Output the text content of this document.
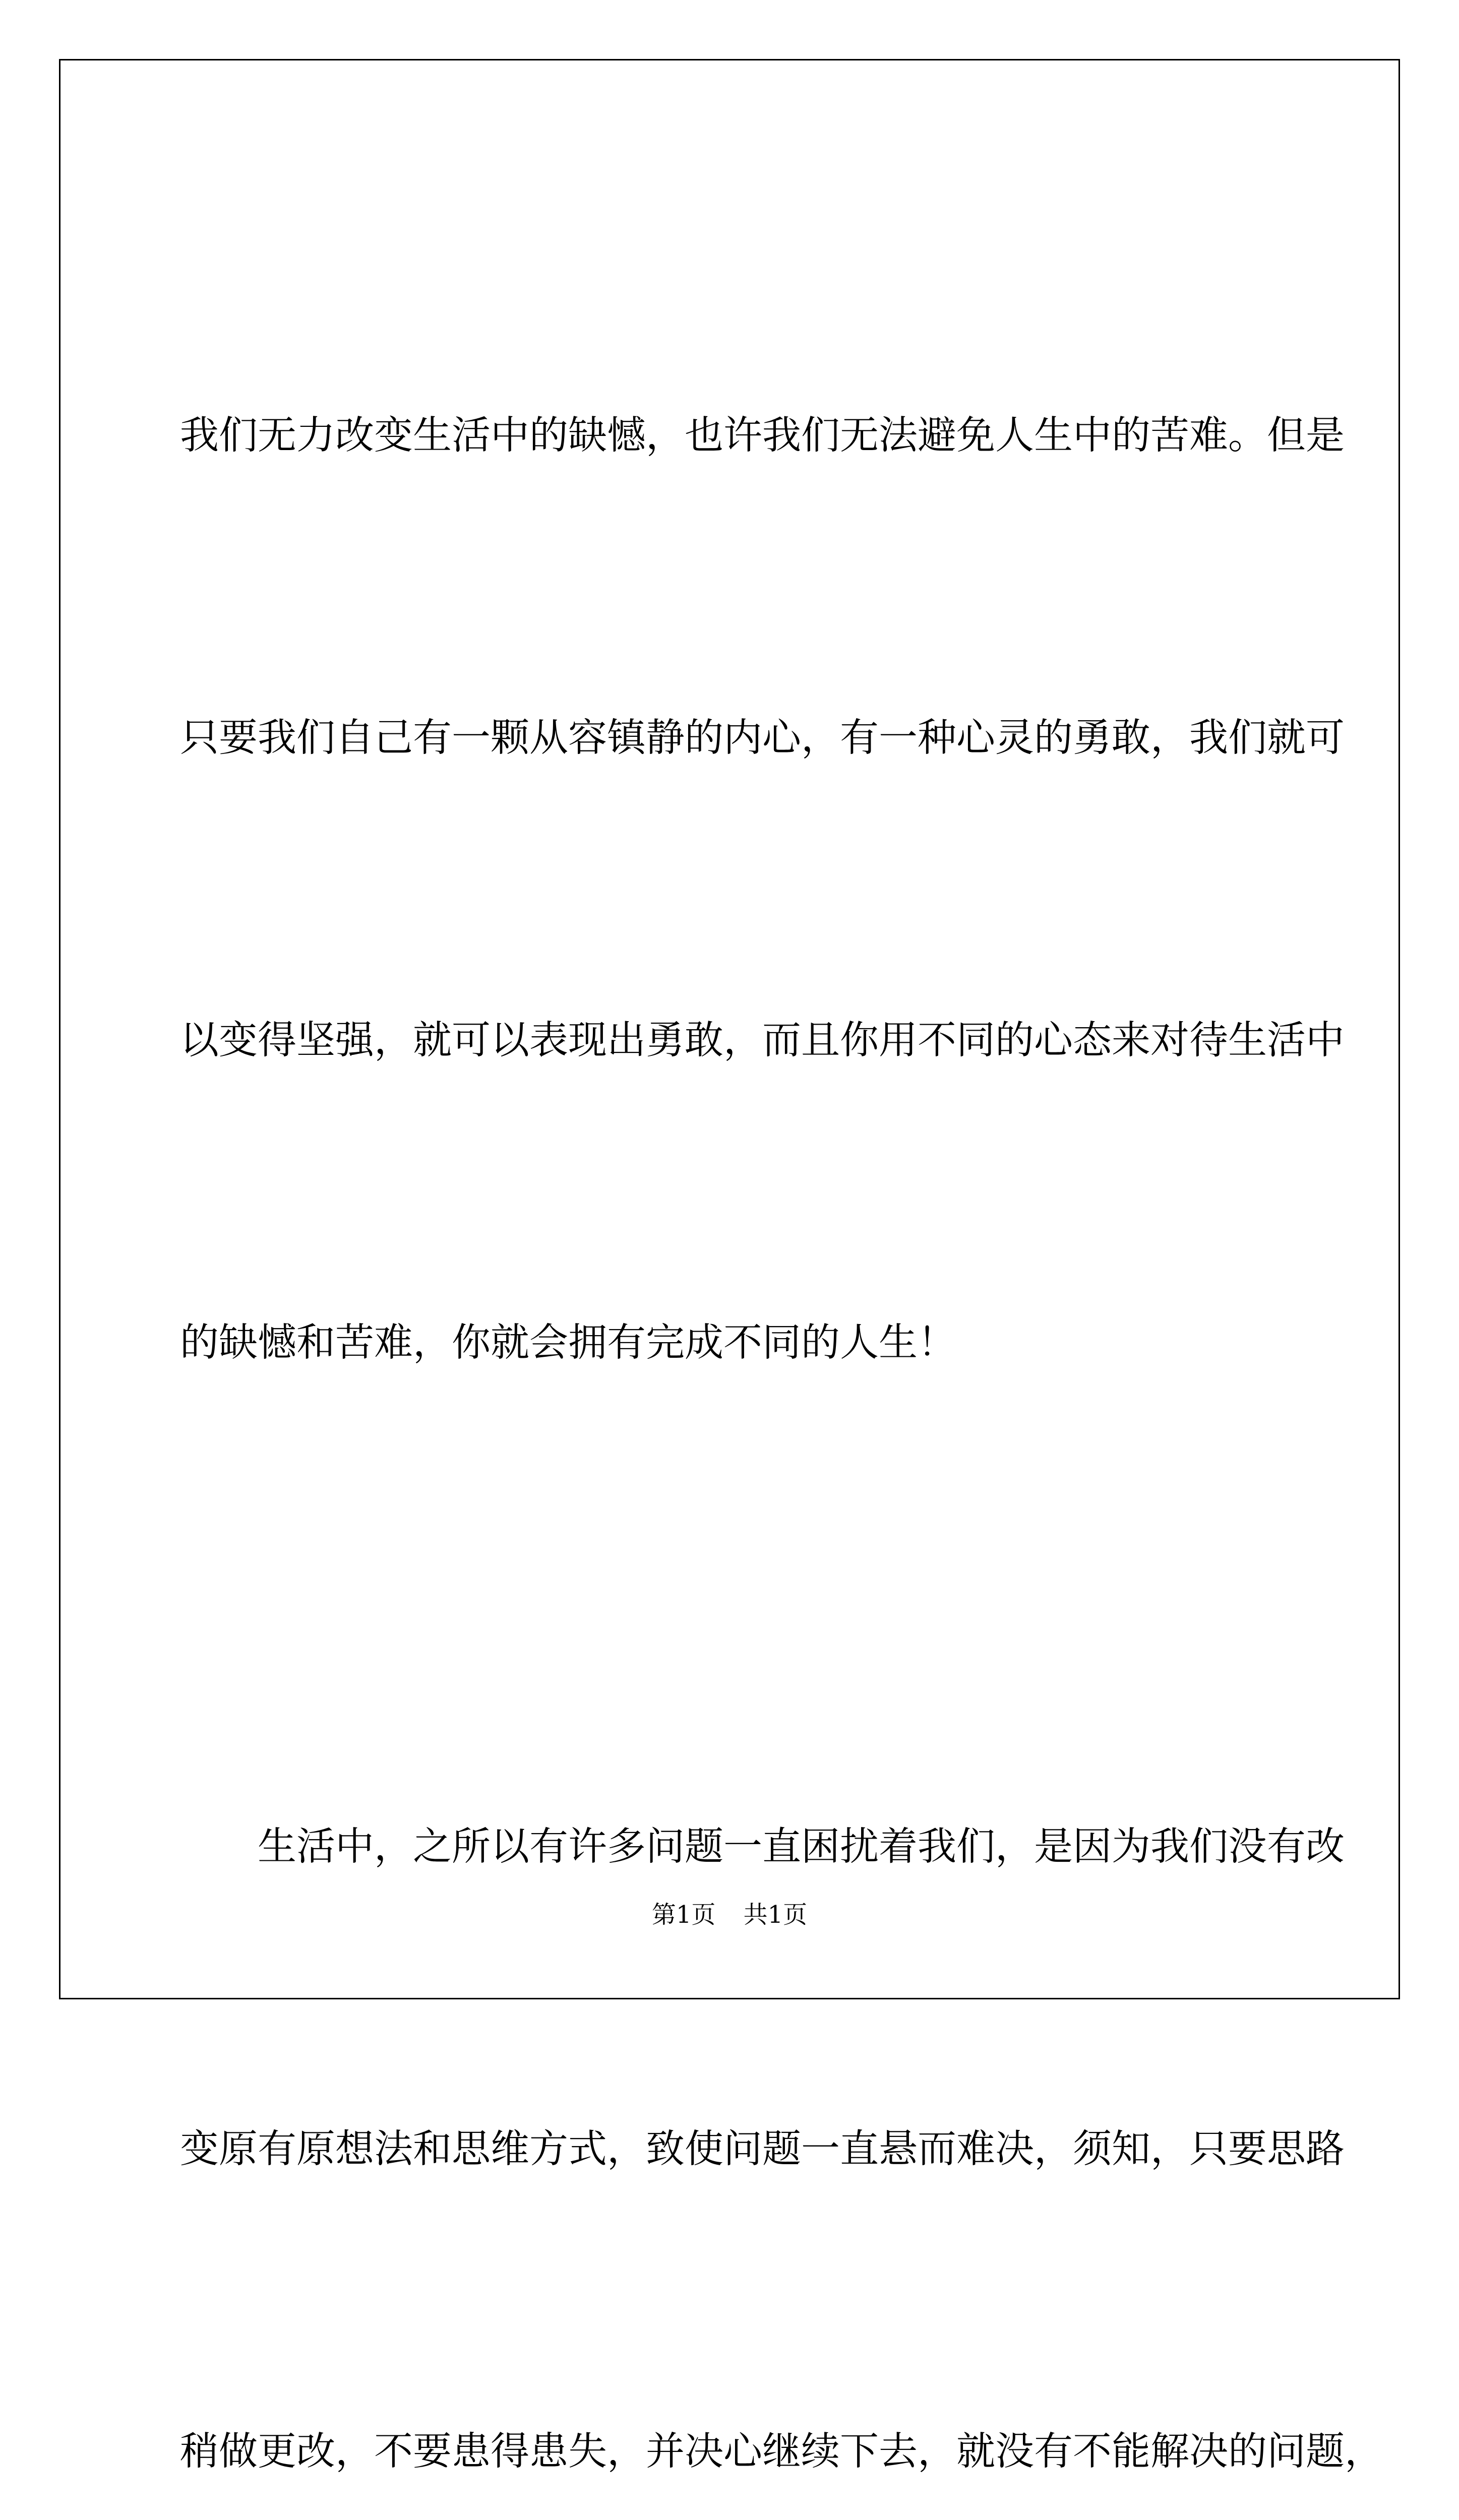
我们无力改变生活中的缺憾，也许我们无法避免人生中的苦难。但是

只要我们自己有一颗从容镇静的内心，有一种心灵的勇敢，我们就可

以变得坚强，就可以表现出勇敢，而且你用不同的心态来对待生活中

的缺憾和苦难，你就会拥有完成不同的人生！

生活中，之所以有许多问题一直困扰着我们，是因为我们没有改

变原有原想法和思维方式，致使问题一直悬而难决，须知，只要思路

稍做更改，不要患得患失，并决心继续下去，就没有不能解决的问题，

第1页 共1页
